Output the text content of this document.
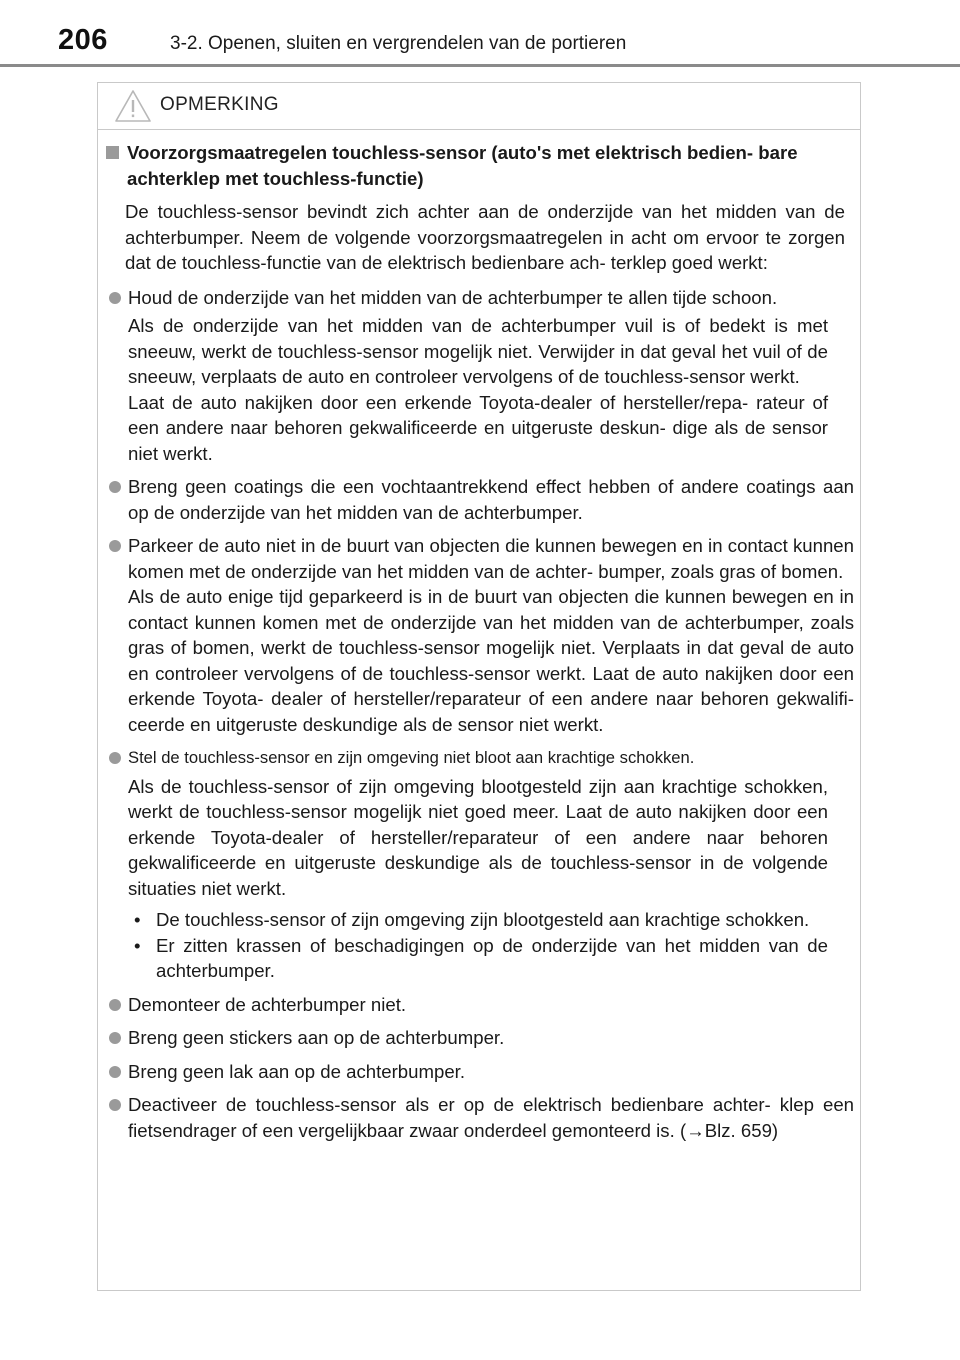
206	3-2. Openen, sluiten en vergrendelen van de portieren
OPMERKING
Voorzorgsmaatregelen touchless-sensor (auto's met elektrisch bedien- bare achterklep met touchless-functie)
De touchless-sensor bevindt zich achter aan de onderzijde van het midden van de achterbumper. Neem de volgende voorzorgsmaatregelen in acht om ervoor te zorgen dat de touchless-functie van de elektrisch bedienbare ach- terklep goed werkt:

Houd de onderzijde van het midden van de achterbumper te allen tijde schoon.

Als de onderzijde van het midden van de achterbumper vuil is of bedekt is met sneeuw, werkt de touchless-sensor mogelijk niet. Verwijder in dat geval het vuil of de sneeuw, verplaats de auto en controleer vervolgens of de touchless-sensor werkt.

Laat de auto nakijken door een erkende Toyota-dealer of hersteller/repa- rateur of een andere naar behoren gekwalificeerde en uitgeruste deskun- dige als de sensor niet werkt.

Breng geen coatings die een vochtaantrekkend effect hebben of andere coatings aan op de onderzijde van het midden van de achterbumper.

Parkeer de auto niet in de buurt van objecten die kunnen bewegen en in contact kunnen komen met de onderzijde van het midden van de achter- bumper, zoals gras of bomen.

Als de auto enige tijd geparkeerd is in de buurt van objecten die kunnen bewegen en in contact kunnen komen met de onderzijde van het midden van de achterbumper, zoals gras of bomen, werkt de touchless-sensor mogelijk niet. Verplaats in dat geval de auto en controleer vervolgens of de touchless-sensor werkt. Laat de auto nakijken door een erkende Toyota- dealer of hersteller/reparateur of een andere naar behoren gekwalifi- ceerde en uitgeruste deskundige als de sensor niet werkt.

Stel de touchless-sensor en zijn omgeving niet bloot aan krachtige schokken.

Als de touchless-sensor of zijn omgeving blootgesteld zijn aan krachtige schokken, werkt de touchless-sensor mogelijk niet goed meer. Laat de auto nakijken door een erkende Toyota-dealer of hersteller/reparateur of een andere naar behoren gekwalificeerde en uitgeruste deskundige als de touchless-sensor in de volgende situaties niet werkt.

• De touchless-sensor of zijn omgeving zijn blootgesteld aan krachtige schokken.
• Er zitten krassen of beschadigingen op de onderzijde van het midden van de achterbumper.

Demonteer de achterbumper niet.

Breng geen stickers aan op de achterbumper.

Breng geen lak aan op de achterbumper.

Deactiveer de touchless-sensor als er op de elektrisch bedienbare achter- klep een fietsendrager of een vergelijkbaar zwaar onderdeel gemonteerd is. (→Blz. 659)
